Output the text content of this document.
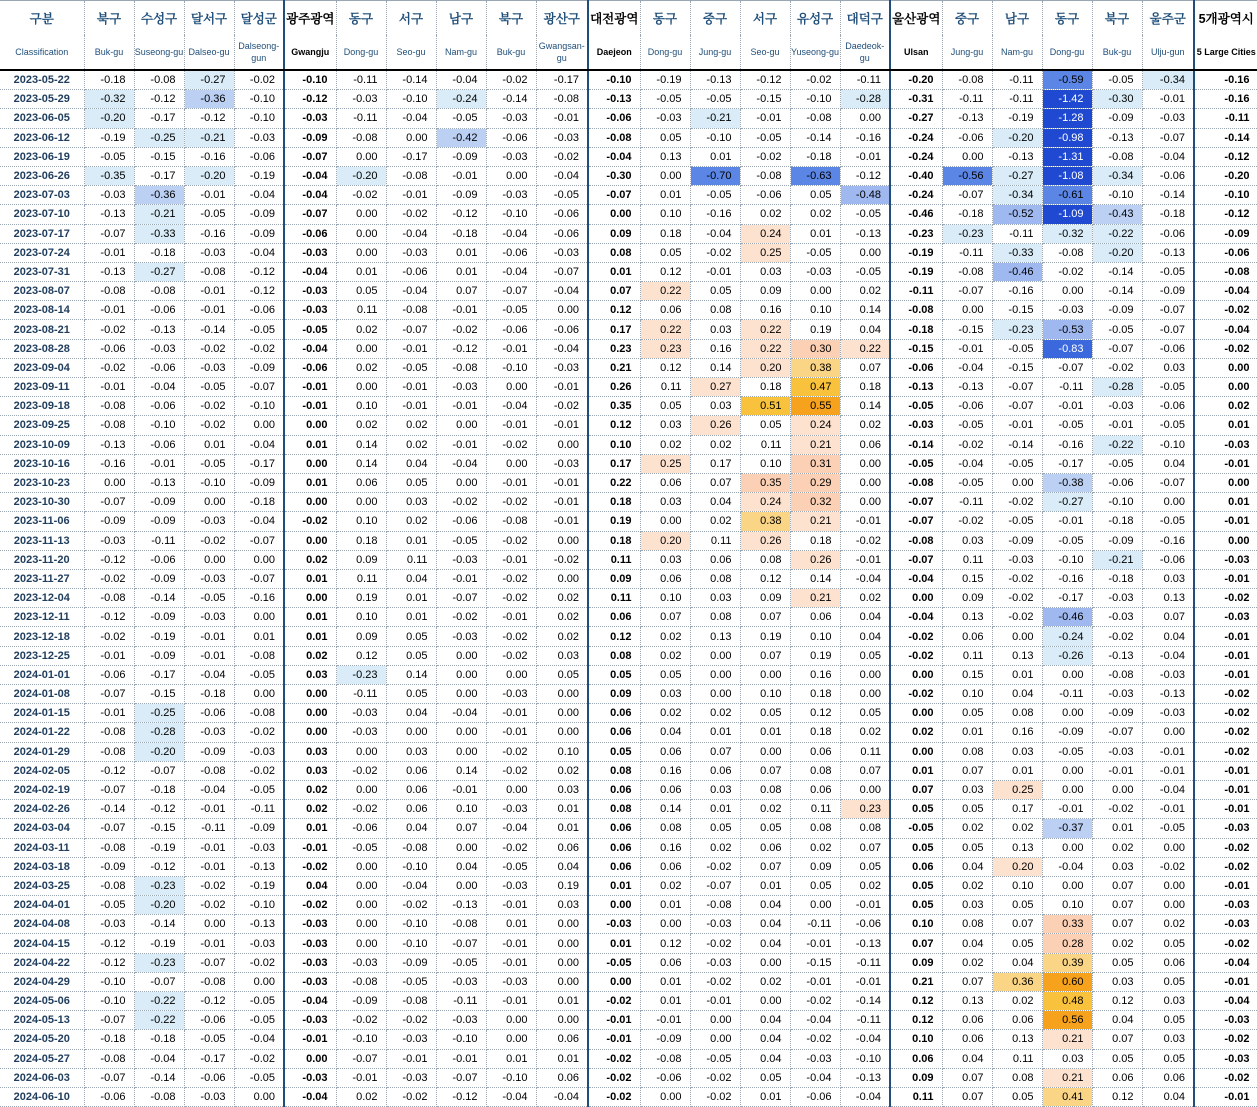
구분	북구	수성구	달서구	달성군	광주광역	동구	서구	남구	북구	광산구	대전광역	동구	중구	서구	유성구	대덕구	울산광역	중구	남구	동구	북구	울주군	5개광역시
Classification	Buk-gu	Suseong-gu	Dalseo-gu	Dalseong-gun	Gwangju	Dong-gu	Seo-gu	Nam-gu	Buk-gu	Gwangsan-gu	Daejeon	Dong-gu	Jung-gu	Seo-gu	Yuseong-gu	Daedeok-gu	Ulsan	Jung-gu	Nam-gu	Dong-gu	Buk-gu	Ulju-gun	5 Large Cities
2023-05-22	-0.18	-0.08	-0.27	-0.02	-0.10	-0.11	-0.14	-0.04	-0.02	-0.17	-0.10	-0.19	-0.13	-0.12	-0.02	-0.11	-0.20	-0.08	-0.11	-0.59	-0.05	-0.34	-0.16
2023-05-29	-0.32	-0.12	-0.36	-0.10	-0.12	-0.03	-0.10	-0.24	-0.14	-0.08	-0.13	-0.05	-0.05	-0.15	-0.10	-0.28	-0.31	-0.11	-0.11	-1.42	-0.30	-0.01	-0.16
2023-06-05	-0.20	-0.17	-0.12	-0.10	-0.03	-0.11	-0.04	-0.05	-0.03	-0.01	-0.06	-0.03	-0.21	-0.01	-0.08	0.00	-0.27	-0.13	-0.19	-1.28	-0.09	-0.03	-0.11
2023-06-12	-0.19	-0.25	-0.21	-0.03	-0.09	-0.08	0.00	-0.42	-0.06	-0.03	-0.08	0.05	-0.10	-0.05	-0.14	-0.16	-0.24	-0.06	-0.20	-0.98	-0.13	-0.07	-0.14
2023-06-19	-0.05	-0.15	-0.16	-0.06	-0.07	0.00	-0.17	-0.09	-0.03	-0.02	-0.04	0.13	0.01	-0.02	-0.18	-0.01	-0.24	0.00	-0.13	-1.31	-0.08	-0.04	-0.12
2023-06-26	-0.35	-0.17	-0.20	-0.19	-0.04	-0.20	-0.08	-0.01	0.00	-0.04	-0.30	0.00	-0.70	-0.08	-0.63	-0.12	-0.40	-0.56	-0.27	-1.08	-0.34	-0.06	-0.20
2023-07-03	-0.03	-0.36	-0.01	-0.04	-0.04	-0.02	-0.01	-0.09	-0.03	-0.05	-0.07	0.01	-0.05	-0.06	0.05	-0.48	-0.24	-0.07	-0.34	-0.61	-0.10	-0.14	-0.10
2023-07-10	-0.13	-0.21	-0.05	-0.09	-0.07	0.00	-0.02	-0.12	-0.10	-0.06	0.00	0.10	-0.16	0.02	0.02	-0.05	-0.46	-0.18	-0.52	-1.09	-0.43	-0.18	-0.12
2023-07-17	-0.07	-0.33	-0.16	-0.09	-0.06	0.00	-0.04	-0.18	-0.04	-0.06	0.09	0.18	-0.04	0.24	0.01	-0.13	-0.23	-0.23	-0.11	-0.32	-0.22	-0.06	-0.09
2023-07-24	-0.01	-0.18	-0.03	-0.04	-0.03	0.00	-0.03	0.01	-0.06	-0.03	0.08	0.05	-0.02	0.25	-0.05	0.00	-0.19	-0.11	-0.33	-0.08	-0.20	-0.13	-0.06
2023-07-31	-0.13	-0.27	-0.08	-0.12	-0.04	0.01	-0.06	0.01	-0.04	-0.07	0.01	0.12	-0.01	0.03	-0.03	-0.05	-0.19	-0.08	-0.46	-0.02	-0.14	-0.05	-0.08
2023-08-07	-0.08	-0.08	-0.01	-0.12	-0.03	0.05	-0.04	0.07	-0.07	-0.04	0.07	0.22	0.05	0.09	0.00	0.02	-0.11	-0.07	-0.16	0.00	-0.14	-0.09	-0.04
2023-08-14	-0.01	-0.06	-0.01	-0.06	-0.03	0.11	-0.08	-0.01	-0.05	0.00	0.12	0.06	0.08	0.16	0.10	0.14	-0.08	0.00	-0.15	-0.03	-0.09	-0.07	-0.02
2023-08-21	-0.02	-0.13	-0.14	-0.05	-0.05	0.02	-0.07	-0.02	-0.06	-0.06	0.17	0.22	0.03	0.22	0.19	0.04	-0.18	-0.15	-0.23	-0.53	-0.05	-0.07	-0.04
2023-08-28	-0.06	-0.03	-0.02	-0.02	-0.04	0.00	-0.01	-0.12	-0.01	-0.04	0.23	0.23	0.16	0.22	0.30	0.22	-0.15	-0.01	-0.05	-0.83	-0.07	-0.06	-0.02
2023-09-04	-0.02	-0.06	-0.03	-0.09	-0.06	0.02	-0.05	-0.08	-0.10	-0.03	0.21	0.12	0.14	0.20	0.38	0.07	-0.06	-0.04	-0.15	-0.07	-0.02	0.03	0.00
2023-09-11	-0.01	-0.04	-0.05	-0.07	-0.01	0.00	-0.01	-0.03	0.00	-0.01	0.26	0.11	0.27	0.18	0.47	0.18	-0.13	-0.13	-0.07	-0.11	-0.28	-0.05	0.00
2023-09-18	-0.08	-0.06	-0.02	-0.10	-0.01	0.10	-0.01	-0.01	-0.04	-0.02	0.35	0.05	0.03	0.51	0.55	0.14	-0.05	-0.06	-0.07	-0.01	-0.03	-0.06	0.02
2023-09-25	-0.08	-0.10	-0.02	0.00	0.00	0.02	0.02	0.00	-0.01	-0.01	0.12	0.03	0.26	0.05	0.24	0.02	-0.03	-0.05	-0.01	-0.05	-0.01	-0.05	0.01
2023-10-09	-0.13	-0.06	0.01	-0.04	0.01	0.14	0.02	-0.01	-0.02	0.00	0.10	0.02	0.02	0.11	0.21	0.06	-0.14	-0.02	-0.14	-0.16	-0.22	-0.10	-0.03
2023-10-16	-0.16	-0.01	-0.05	-0.17	0.00	0.14	0.04	-0.04	0.00	-0.03	0.17	0.25	0.17	0.10	0.31	0.00	-0.05	-0.04	-0.05	-0.17	-0.05	0.04	-0.01
2023-10-23	0.00	-0.13	-0.10	-0.09	0.01	0.06	0.05	0.00	-0.01	-0.01	0.22	0.06	0.07	0.35	0.29	0.00	-0.08	-0.05	0.00	-0.38	-0.06	-0.07	0.00
2023-10-30	-0.07	-0.09	0.00	-0.18	0.00	0.00	0.03	-0.02	-0.02	-0.01	0.18	0.03	0.04	0.24	0.32	0.00	-0.07	-0.11	-0.02	-0.27	-0.10	0.00	0.01
2023-11-06	-0.09	-0.09	-0.03	-0.04	-0.02	0.10	0.02	-0.06	-0.08	-0.01	0.19	0.00	0.02	0.38	0.21	-0.01	-0.07	-0.02	-0.05	-0.01	-0.18	-0.05	-0.01
2023-11-13	-0.03	-0.11	-0.02	-0.07	0.00	0.18	0.01	-0.05	-0.02	0.00	0.18	0.20	0.11	0.26	0.18	-0.02	-0.08	0.03	-0.09	-0.05	-0.09	-0.16	0.00
2023-11-20	-0.12	-0.06	0.00	0.00	0.02	0.09	0.11	-0.03	-0.01	-0.02	0.11	0.03	0.06	0.08	0.26	-0.01	-0.07	0.11	-0.03	-0.10	-0.21	-0.06	-0.03
2023-11-27	-0.02	-0.09	-0.03	-0.07	0.01	0.11	0.04	-0.01	-0.02	0.00	0.09	0.06	0.08	0.12	0.14	-0.04	-0.04	0.15	-0.02	-0.16	-0.18	0.03	-0.01
2023-12-04	-0.08	-0.14	-0.05	-0.16	0.00	0.19	0.01	-0.07	-0.02	0.02	0.11	0.10	0.03	0.09	0.21	0.02	0.00	0.09	-0.02	-0.17	-0.03	0.13	-0.02
2023-12-11	-0.12	-0.09	-0.03	0.00	0.01	0.10	0.01	-0.02	-0.01	0.02	0.06	0.07	0.08	0.07	0.06	0.04	-0.04	0.13	-0.02	-0.46	-0.03	0.07	-0.03
2023-12-18	-0.02	-0.19	-0.01	0.01	0.01	0.09	0.05	-0.03	-0.02	0.02	0.12	0.02	0.13	0.19	0.10	0.04	-0.02	0.06	0.00	-0.24	-0.02	0.04	-0.01
2023-12-25	-0.01	-0.09	-0.01	-0.08	0.02	0.12	0.05	0.00	-0.02	0.03	0.08	0.02	0.00	0.07	0.19	0.05	-0.02	0.11	0.13	-0.26	-0.13	-0.04	-0.01
2024-01-01	-0.06	-0.17	-0.04	-0.05	0.03	-0.23	0.14	0.00	0.00	0.05	0.05	0.05	0.00	0.00	0.16	0.00	0.00	0.15	0.01	0.00	-0.08	-0.03	-0.01
2024-01-08	-0.07	-0.15	-0.18	0.00	0.00	-0.11	0.05	0.00	-0.03	0.00	0.09	0.03	0.00	0.10	0.18	0.00	-0.02	0.10	0.04	-0.11	-0.03	-0.13	-0.02
2024-01-15	-0.01	-0.25	-0.06	-0.08	0.00	-0.03	0.04	-0.04	-0.01	0.00	0.06	0.02	0.02	0.05	0.12	0.05	0.00	0.05	0.08	0.00	-0.09	-0.03	-0.02
2024-01-22	-0.08	-0.28	-0.03	-0.02	0.00	-0.03	0.00	0.00	-0.01	0.00	0.06	0.04	0.01	0.01	0.18	0.02	0.02	0.01	0.16	-0.09	-0.07	0.00	-0.02
2024-01-29	-0.08	-0.20	-0.09	-0.03	0.03	0.00	0.03	0.00	-0.02	0.10	0.05	0.06	0.07	0.00	0.06	0.11	0.00	0.08	0.03	-0.05	-0.03	-0.01	-0.02
2024-02-05	-0.12	-0.07	-0.08	-0.02	0.03	-0.02	0.06	0.14	-0.02	0.02	0.08	0.16	0.06	0.07	0.08	0.07	0.01	0.07	0.01	0.00	-0.01	-0.01	-0.01
2024-02-19	-0.07	-0.18	-0.04	-0.05	0.02	0.00	0.06	-0.01	0.00	0.03	0.06	0.06	0.03	0.08	0.06	0.00	0.07	0.03	0.25	0.00	0.00	-0.04	-0.01
2024-02-26	-0.14	-0.12	-0.01	-0.11	0.02	-0.02	0.06	0.10	-0.03	0.01	0.08	0.14	0.01	0.02	0.11	0.23	0.05	0.05	0.17	-0.01	-0.02	-0.01	-0.01
2024-03-04	-0.07	-0.15	-0.11	-0.09	0.01	-0.06	0.04	0.07	-0.04	0.01	0.06	0.08	0.05	0.05	0.08	0.08	-0.05	0.02	0.02	-0.37	0.01	-0.05	-0.03
2024-03-11	-0.08	-0.19	-0.01	-0.03	-0.01	-0.05	-0.08	0.00	-0.02	0.06	0.06	0.16	0.02	0.06	0.02	0.07	0.05	0.05	0.13	0.00	0.02	0.00	-0.02
2024-03-18	-0.09	-0.12	-0.01	-0.13	-0.02	0.00	-0.10	0.04	-0.05	0.04	0.06	0.06	-0.02	0.07	0.09	0.05	0.06	0.04	0.20	-0.04	0.03	-0.02	-0.02
2024-03-25	-0.08	-0.23	-0.02	-0.19	0.04	0.00	-0.04	0.00	-0.03	0.19	0.01	0.02	-0.07	0.01	0.05	0.02	0.05	0.02	0.10	0.00	0.07	0.00	-0.01
2024-04-01	-0.05	-0.20	-0.02	-0.10	-0.02	0.00	-0.02	-0.13	-0.01	0.03	0.00	0.01	-0.08	0.04	0.00	-0.01	0.05	0.03	0.05	0.10	0.07	0.00	-0.03
2024-04-08	-0.03	-0.14	0.00	-0.13	-0.03	0.00	-0.10	-0.08	0.01	0.00	-0.03	0.00	-0.03	0.04	-0.11	-0.06	0.10	0.08	0.07	0.33	0.07	0.02	-0.03
2024-04-15	-0.12	-0.19	-0.01	-0.03	-0.03	0.00	-0.10	-0.07	-0.01	0.00	0.01	0.12	-0.02	0.04	-0.01	-0.13	0.07	0.04	0.05	0.28	0.02	0.05	-0.02
2024-04-22	-0.12	-0.23	-0.07	-0.02	-0.03	-0.03	-0.09	-0.05	-0.01	0.00	-0.05	0.06	-0.03	0.00	-0.15	-0.11	0.09	0.02	0.04	0.39	0.05	0.06	-0.04
2024-04-29	-0.10	-0.07	-0.08	0.00	-0.03	-0.08	-0.05	-0.03	-0.03	0.00	0.00	0.01	-0.02	0.02	-0.01	-0.01	0.21	0.07	0.36	0.60	0.03	0.05	-0.01
2024-05-06	-0.10	-0.22	-0.12	-0.05	-0.04	-0.09	-0.08	-0.11	-0.01	0.01	-0.02	0.01	-0.01	0.00	-0.02	-0.14	0.12	0.13	0.02	0.48	0.12	0.03	-0.04
2024-05-13	-0.07	-0.22	-0.06	-0.05	-0.03	-0.02	-0.02	-0.03	0.00	0.00	-0.01	-0.01	0.00	0.04	-0.04	-0.11	0.12	0.06	0.06	0.56	0.04	0.05	-0.03
2024-05-20	-0.18	-0.18	-0.05	-0.04	-0.01	-0.10	-0.03	-0.10	0.00	0.06	-0.01	-0.09	0.00	0.04	-0.02	-0.04	0.10	0.06	0.13	0.21	0.07	0.03	-0.02
2024-05-27	-0.08	-0.04	-0.17	-0.02	0.00	-0.07	-0.01	-0.01	0.01	0.01	-0.02	-0.08	-0.05	0.04	-0.03	-0.10	0.06	0.04	0.11	0.03	0.05	0.05	-0.03
2024-06-03	-0.07	-0.14	-0.06	-0.05	-0.03	-0.01	-0.03	-0.07	-0.10	0.06	-0.02	-0.06	-0.02	0.05	-0.04	-0.13	0.09	0.07	0.08	0.21	0.06	0.06	-0.02
2024-06-10	-0.06	-0.08	-0.03	0.00	-0.04	0.02	-0.02	-0.12	-0.04	-0.04	-0.02	0.00	-0.02	0.01	-0.06	-0.04	0.11	0.07	0.05	0.41	0.12	0.04	-0.01
